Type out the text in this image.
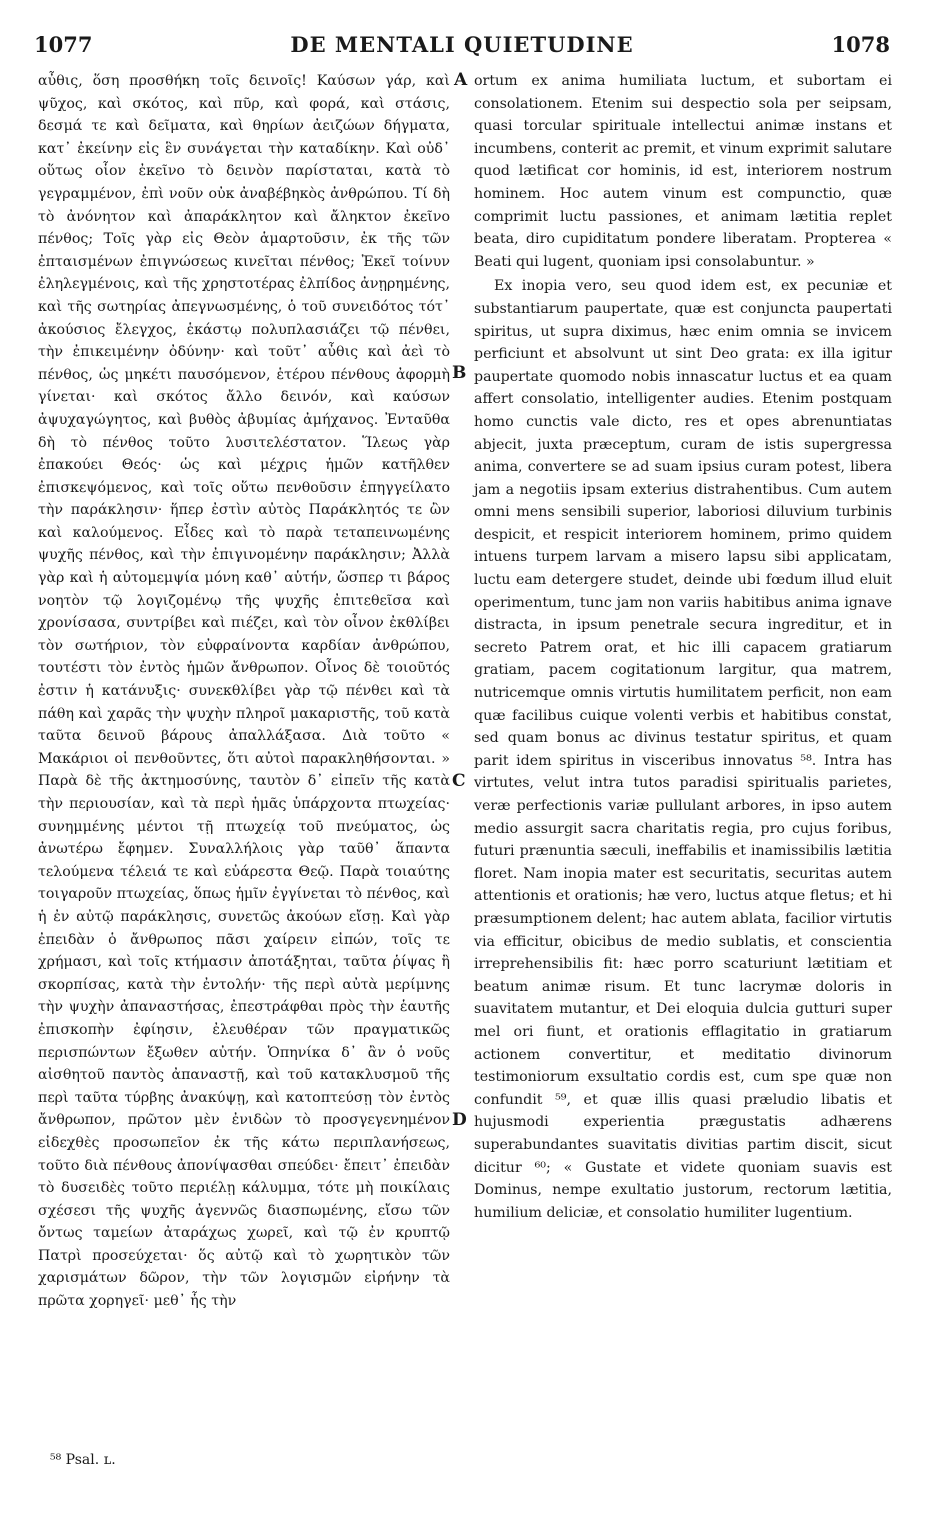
1077	DE MENTALI QUIETUDINE	1078

αὖθις, ὅση προσθήκη τοῖς δεινοῖς! Καύσων γάρ, καὶ ψῦχος, καὶ σκότος, καὶ πῦρ, καὶ φορά, καὶ στάσις, δεσμά τε καὶ δεῖματα, καὶ θηρίων ἀειζώων δήγματα, κατ᾽ ἐκείνην εἰς ἓν συνάγεται τὴν καταδίκην. Καὶ οὐδ᾽ οὕτως οἷον ἐκεῖνο τὸ δεινὸν παρίσταται, κατὰ τὸ γεγραμμένον, ἐπὶ νοῦν οὐκ ἀναβέβηκὸς ἀνθρώπου. Τί δὴ τὸ ἀνόνητον καὶ ἀπαράκλητον καὶ ἄληκτον ἐκεῖνο πένθος; Τοῖς γὰρ εἰς Θεὸν ἁμαρτοῦσιν, ἐκ τῆς τῶν ἐπταισμένων ἐπιγνώσεως κινεῖται πένθος; Ἐκεῖ τοίνυν ἐληλεγμένοις, καὶ τῆς χρηστοτέρας ἐλπίδος ἀνῃρημένης, καὶ τῆς σωτηρίας ἀπεγνωσμένης, ὁ τοῦ συνειδότος τότ᾽ ἀκούσιος ἔλεγχος, ἑκάστῳ πολυπλασιάζει τῷ πένθει, τὴν ἐπικειμένην ὀδύνην· καὶ τοῦτ᾽ αὖθις καὶ ἀεὶ τὸ πένθος, ὡς μηκέτι παυσόμενον, ἑτέρου πένθους ἀφορμὴ γίνεται· καὶ σκότος ἄλλο δεινόν, καὶ καύσων ἀψυχαγώγητος, καὶ βυθὸς ἀβυμίας ἀμήχανος. Ἐνταῦθα δὴ τὸ πένθος τοῦτο λυσιτελέστατον. Ἵλεως γὰρ ἐπακούει Θεός· ὡς καὶ μέχρις ἡμῶν κατῆλθεν ἐπισκεψόμενος, καὶ τοῖς οὕτω πενθοῦσιν ἐπηγγείλατο τὴν παράκλησιν· ἥπερ ἐστὶν αὐτὸς Παράκλητός τε ὢν καὶ καλούμενος. Εἶδες καὶ τὸ παρὰ τεταπεινωμένης ψυχῆς πένθος, καὶ τὴν ἐπιγινομένην παράκλησιν; Ἀλλὰ γὰρ καὶ ἡ αὐτομεμψία μόνη καθ᾽ αὑτήν, ὥσπερ τι βάρος νοητὸν τῷ λογιζομένῳ τῆς ψυχῆς ἐπιτεθεῖσα καὶ χρονίσασα, συντρίβει καὶ πιέζει, καὶ τὸν οἶνον ἐκθλίβει τὸν σωτήριον, τὸν εὐφραίνοντα καρδίαν ἀνθρώπου, τουτέστι τὸν ἐντὸς ἡμῶν ἄνθρωπον. Οἶνος δὲ τοιοῦτός ἐστιν ἡ κατάνυξις· συνεκθλίβει γὰρ τῷ πένθει καὶ τὰ πάθη καὶ χαρᾶς τὴν ψυχὴν πληροῖ μακαριστῆς, τοῦ κατὰ ταῦτα δεινοῦ βάρους ἀπαλλάξασα. Διὰ τοῦτο « Μακάριοι οἱ πενθοῦντες, ὅτι αὐτοὶ παρακληθήσονται. » Παρὰ δὲ τῆς ἀκτημοσύνης, ταυτὸν δ᾽ εἰπεῖν τῆς κατὰ τὴν περιουσίαν, καὶ τὰ περὶ ἡμᾶς ὑπάρχοντα πτωχείας· συνημμένης μέντοι τῇ πτωχείᾳ τοῦ πνεύματος, ὡς ἀνωτέρω ἔφημεν. Συναλλήλοις γὰρ ταῦθ᾽ ἅπαντα τελούμενα τέλειά τε καὶ εὐάρεστα Θεῷ. Παρὰ τοιαύτης τοιγαροῦν πτωχείας, ὅπως ἡμῖν ἐγγίνεται τὸ πένθος, καὶ ἡ ἐν αὐτῷ παράκλησις, συνετῶς ἀκούων εἴσῃ. Καὶ γὰρ ἐπειδὰν ὁ ἄνθρωπος πᾶσι χαίρειν εἰπών, τοῖς τε χρήμασι, καὶ τοῖς κτήμασιν ἀποτάξηται, ταῦτα ῥίψας ἢ σκορπίσας, κατὰ τὴν ἐντολήν· τῆς περὶ αὐτὰ μερίμνης τὴν ψυχὴν ἀπαναστήσας, ἐπεστράφθαι πρὸς τὴν ἑαυτῆς ἐπισκοπὴν ἐφίησιν, ἐλευθέραν τῶν πραγματικῶς περισπώντων ἔξωθεν αὐτήν. Ὁπηνίκα δ᾽ ἂν ὁ νοῦς αἰσθητοῦ παντὸς ἀπαναστῇ, καὶ τοῦ κατακλυσμοῦ τῆς περὶ ταῦτα τύρβης ἀνακύψῃ, καὶ κατοπτεύσῃ τὸν ἐντὸς ἄνθρωπον, πρῶτον μὲν ἐνιδὼν τὸ προσγεγενημένον εἰδεχθὲς προσωπεῖον ἐκ τῆς κάτω περιπλανήσεως, τοῦτο διὰ πένθους ἀπονίψασθαι σπεύδει· ἔπειτ᾽ ἐπειδὰν τὸ δυσειδὲς τοῦτο περιέλῃ κάλυμμα, τότε μὴ ποικίλαις σχέσεσι τῆς ψυχῆς ἀγεννῶς διασπωμένης, εἴσω τῶν ὄντως ταμείων ἀταράχως χωρεῖ, καὶ τῷ ἐν κρυπτῷ Πατρὶ προσεύχεται· ὅς αὐτῷ καὶ τὸ χωρητικὸν τῶν χαρισμάτων δῶρον, τὴν τῶν λογισμῶν εἰρήνην τὰ πρῶτα χορηγεῖ· μεθ᾽ ἧς τὴν

A
B
C
D

ortum ex anima humiliata luctum, et subortam ei consolationem. Etenim sui despectio sola per seipsam, quasi torcular spirituale intellectui animæ instans et incumbens, conterit ac premit, et vinum exprimit salutare quod lætificat cor hominis, id est, interiorem nostrum hominem. Hoc autem vinum est compunctio, quæ comprimit luctu passiones, et animam lætitia replet beata, diro cupiditatum pondere liberatam. Propterea « Beati qui lugent, quoniam ipsi consolabuntur. »

Ex inopia vero, seu quod idem est, ex pecuniæ et substantiarum paupertate, quæ est conjuncta paupertati spiritus, ut supra diximus, hæc enim omnia se invicem perficiunt et absolvunt ut sint Deo grata: ex illa igitur paupertate quomodo nobis innascatur luctus et ea quam affert consolatio, intelligenter audies. Etenim postquam homo cunctis vale dicto, res et opes abrenuntiatas abjecit, juxta præceptum, curam de istis supergressa anima, convertere se ad suam ipsius curam potest, libera jam a negotiis ipsam exterius distrahentibus. Cum autem omni mens sensibili superior, laboriosi diluvium turbinis despicit, et respicit interiorem hominem, primo quidem intuens turpem larvam a misero lapsu sibi applicatam, luctu eam detergere studet, deinde ubi fœdum illud eluit operimentum, tunc jam non variis habitibus anima ignave distracta, in ipsum penetrale secura ingreditur, et in secreto Patrem orat, et hic illi capacem gratiarum gratiam, pacem cogitationum largitur, qua matrem, nutricemque omnis virtutis humilitatem perficit, non eam quæ facilibus cuique volenti verbis et habitibus constat, sed quam bonus ac divinus testatur spiritus, et quam parit idem spiritus in visceribus innovatus ⁵⁸. Intra has virtutes, velut intra tutos paradisi spiritualis parietes, veræ perfectionis variæ pullulant arbores, in ipso autem medio assurgit sacra charitatis regia, pro cujus foribus, futuri prænuntia sæculi, ineffabilis et inamissibilis lætitia floret. Nam inopia mater est securitatis, securitas autem attentionis et orationis; hæ vero, luctus atque fletus; et hi præsumptionem delent; hac autem ablata, facilior virtutis via efficitur, obicibus de medio sublatis, et conscientia irreprehensibilis fit: hæc porro scaturiunt lætitiam et beatum animæ risum. Et tunc lacrymæ doloris in suavitatem mutantur, et Dei eloquia dulcia gutturi super mel ori fiunt, et orationis efflagitatio in gratiarum actionem convertitur, et meditatio divinorum testimoniorum exsultatio cordis est, cum spe quæ non confundit ⁵⁹, et quæ illis quasi præludio libatis et hujusmodi experientia prægustatis adhærens superabundantes suavitatis divitias partim discit, sicut dicitur ⁶⁰; « Gustate et videte quoniam suavis est Dominus, nempe exultatio justorum, rectorum lætitia, humilium deliciæ, et consolatio humiliter lugentium.

⁵⁸ Psal. ʟ.
